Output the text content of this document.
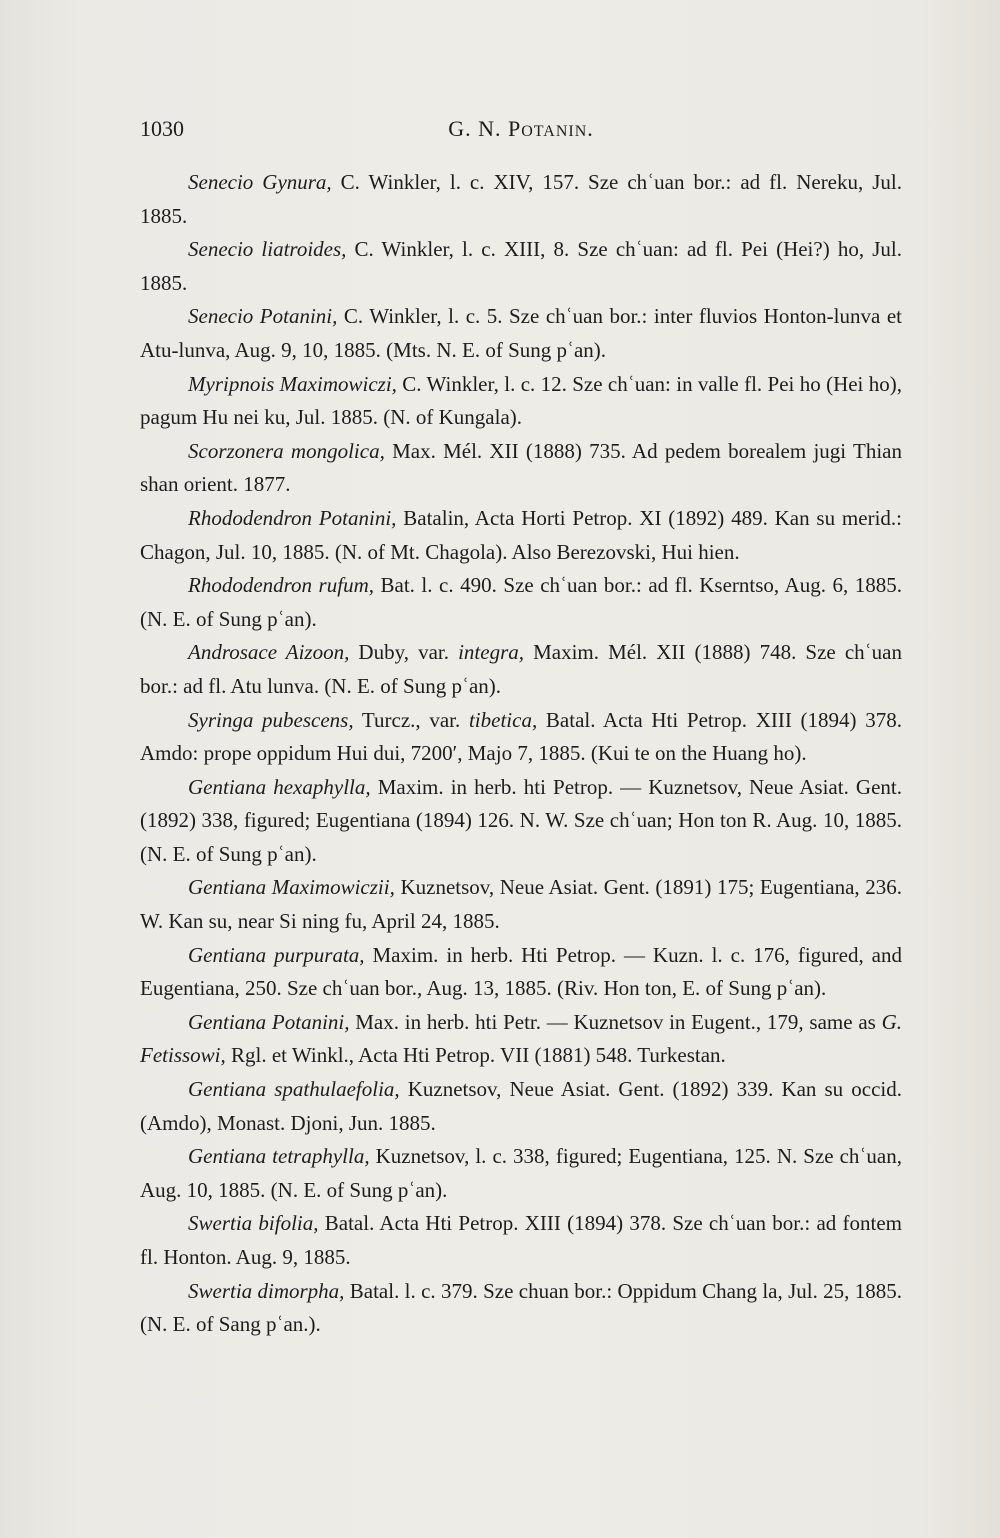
1030	G. N. POTANIN.

Senecio Gynura, C. Winkler, l. c. XIV, 157. Sze chʿuan bor.: ad fl. Nereku, Jul. 1885.

Senecio liatroides, C. Winkler, l. c. XIII, 8. Sze chʿuan: ad fl. Pei (Hei?) ho, Jul. 1885.

Senecio Potanini, C. Winkler, l. c. 5. Sze chʿuan bor.: inter fluvios Honton-lunva et Atu-lunva, Aug. 9, 10, 1885. (Mts. N. E. of Sung pʿan).

Myripnois Maximowiczi, C. Winkler, l. c. 12. Sze chʿuan: in valle fl. Pei ho (Hei ho), pagum Hu nei ku, Jul. 1885. (N. of Kungala).

Scorzonera mongolica, Max. Mél. XII (1888) 735. Ad pedem borealem jugi Thian shan orient. 1877.

Rhododendron Potanini, Batalin, Acta Horti Petrop. XI (1892) 489. Kan su merid.: Chagon, Jul. 10, 1885. (N. of Mt. Chagola). Also Berezovski, Hui hien.

Rhododendron rufum, Bat. l. c. 490. Sze chʿuan bor.: ad fl. Kserntso, Aug. 6, 1885. (N. E. of Sung pʿan).

Androsace Aizoon, Duby, var. integra, Maxim. Mél. XII (1888) 748. Sze chʿuan bor.: ad fl. Atu lunva. (N. E. of Sung pʿan).

Syringa pubescens, Turcz., var. tibetica, Batal. Acta Hti Petrop. XIII (1894) 378. Amdo: prope oppidum Hui dui, 7200′, Majo 7, 1885. (Kui te on the Huang ho).

Gentiana hexaphylla, Maxim. in herb. hti Petrop. — Kuznetsov, Neue Asiat. Gent. (1892) 338, figured; Eugentiana (1894) 126. N. W. Sze chʿuan; Hon ton R. Aug. 10, 1885. (N. E. of Sung pʿan).

Gentiana Maximowiczii, Kuznetsov, Neue Asiat. Gent. (1891) 175; Eugentiana, 236. W. Kan su, near Si ning fu, April 24, 1885.

Gentiana purpurata, Maxim. in herb. Hti Petrop. — Kuzn. l. c. 176, figured, and Eugentiana, 250. Sze chʿuan bor., Aug. 13, 1885. (Riv. Hon ton, E. of Sung pʿan).

Gentiana Potanini, Max. in herb. hti Petr. — Kuznetsov in Eugent., 179, same as G. Fetissowi, Rgl. et Winkl., Acta Hti Petrop. VII (1881) 548. Turkestan.

Gentiana spathulaefolia, Kuznetsov, Neue Asiat. Gent. (1892) 339. Kan su occid. (Amdo), Monast. Djoni, Jun. 1885.

Gentiana tetraphylla, Kuznetsov, l. c. 338, figured; Eugentiana, 125. N. Sze chʿuan, Aug. 10, 1885. (N. E. of Sung pʿan).

Swertia bifolia, Batal. Acta Hti Petrop. XIII (1894) 378. Sze chʿuan bor.: ad fontem fl. Honton. Aug. 9, 1885.

Swertia dimorpha, Batal. l. c. 379. Sze chuan bor.: Oppidum Chang la, Jul. 25, 1885. (N. E. of Sang pʿan.).
